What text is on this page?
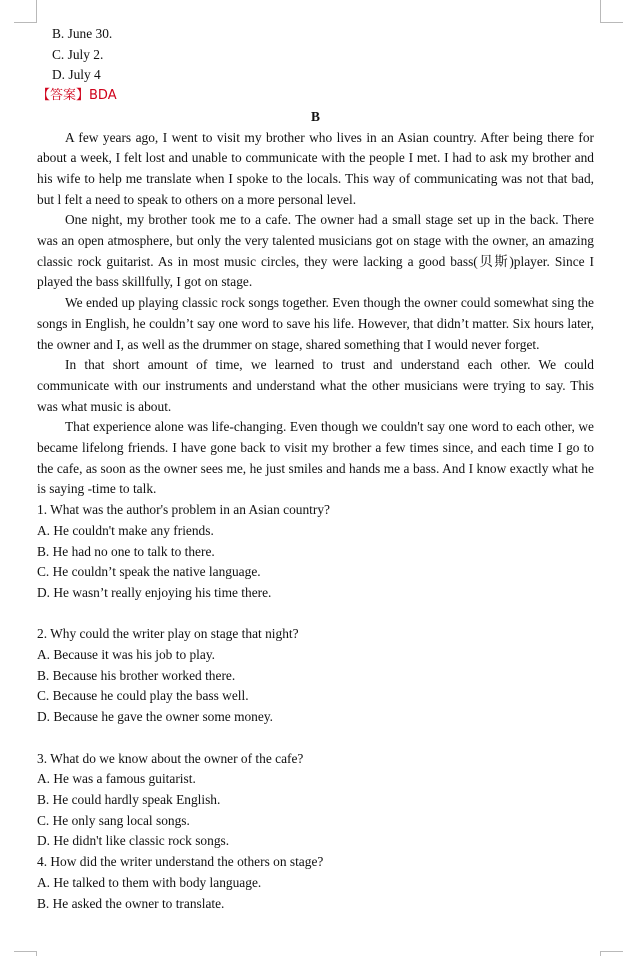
B. June 30.
C. July 2.
D. July 4
【答案】BDA
B
A few years ago, I went to visit my brother who lives in an Asian country. After being there for about a week, I felt lost and unable to communicate with the people I met. I had to ask my brother and his wife to help me translate when I spoke to the locals. This way of communicating was not that bad, but l felt a need to speak to others on a more personal level.
One night, my brother took me to a cafe. The owner had a small stage set up in the back. There was an open atmosphere, but only the very talented musicians got on stage with the owner, an amazing classic rock guitarist. As in most music circles, they were lacking a good bass(贝斯)player. Since I played the bass skillfully, I got on stage.
We ended up playing classic rock songs together. Even though the owner could somewhat sing the songs in English, he couldn’t say one word to save his life. However, that didn’t matter. Six hours later, the owner and I, as well as the drummer on stage, shared something that I would never forget.
In that short amount of time, we learned to trust and understand each other. We could communicate with our instruments and understand what the other musicians were trying to say. This was what music is about.
That experience alone was life-changing. Even though we couldn't say one word to each other, we became lifelong friends. I have gone back to visit my brother a few times since, and each time I go to the cafe, as soon as the owner sees me, he just smiles and hands me a bass. And I know exactly what he is saying -time to talk.
1. What was the author's problem in an Asian country?
A. He couldn't make any friends.
B. He had no one to talk to there.
C. He couldn’t speak the native language.
D. He wasn’t really enjoying his time there.
2. Why could the writer play on stage that night?
A. Because it was his job to play.
B. Because his brother worked there.
C. Because he could play the bass well.
D. Because he gave the owner some money.
3. What do we know about the owner of the cafe?
A. He was a famous guitarist.
B. He could hardly speak English.
C. He only sang local songs.
D. He didn't like classic rock songs.
4. How did the writer understand the others on stage?
A. He talked to them with body language.
B. He asked the owner to translate.
